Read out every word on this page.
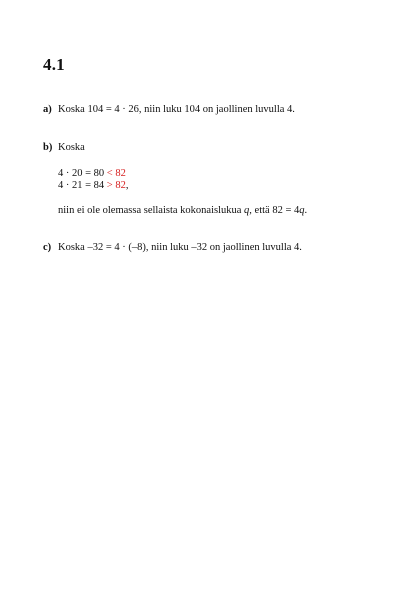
4.1
a) Koska 104 = 4 · 26, niin luku 104 on jaollinen luvulla 4.
b) Koska
4 · 20 = 80 < 82
4 · 21 = 84 > 82,
niin ei ole olemassa sellaista kokonaislukua q, että 82 = 4q.
c) Koska –32 = 4 · (–8), niin luku –32 on jaollinen luvulla 4.
